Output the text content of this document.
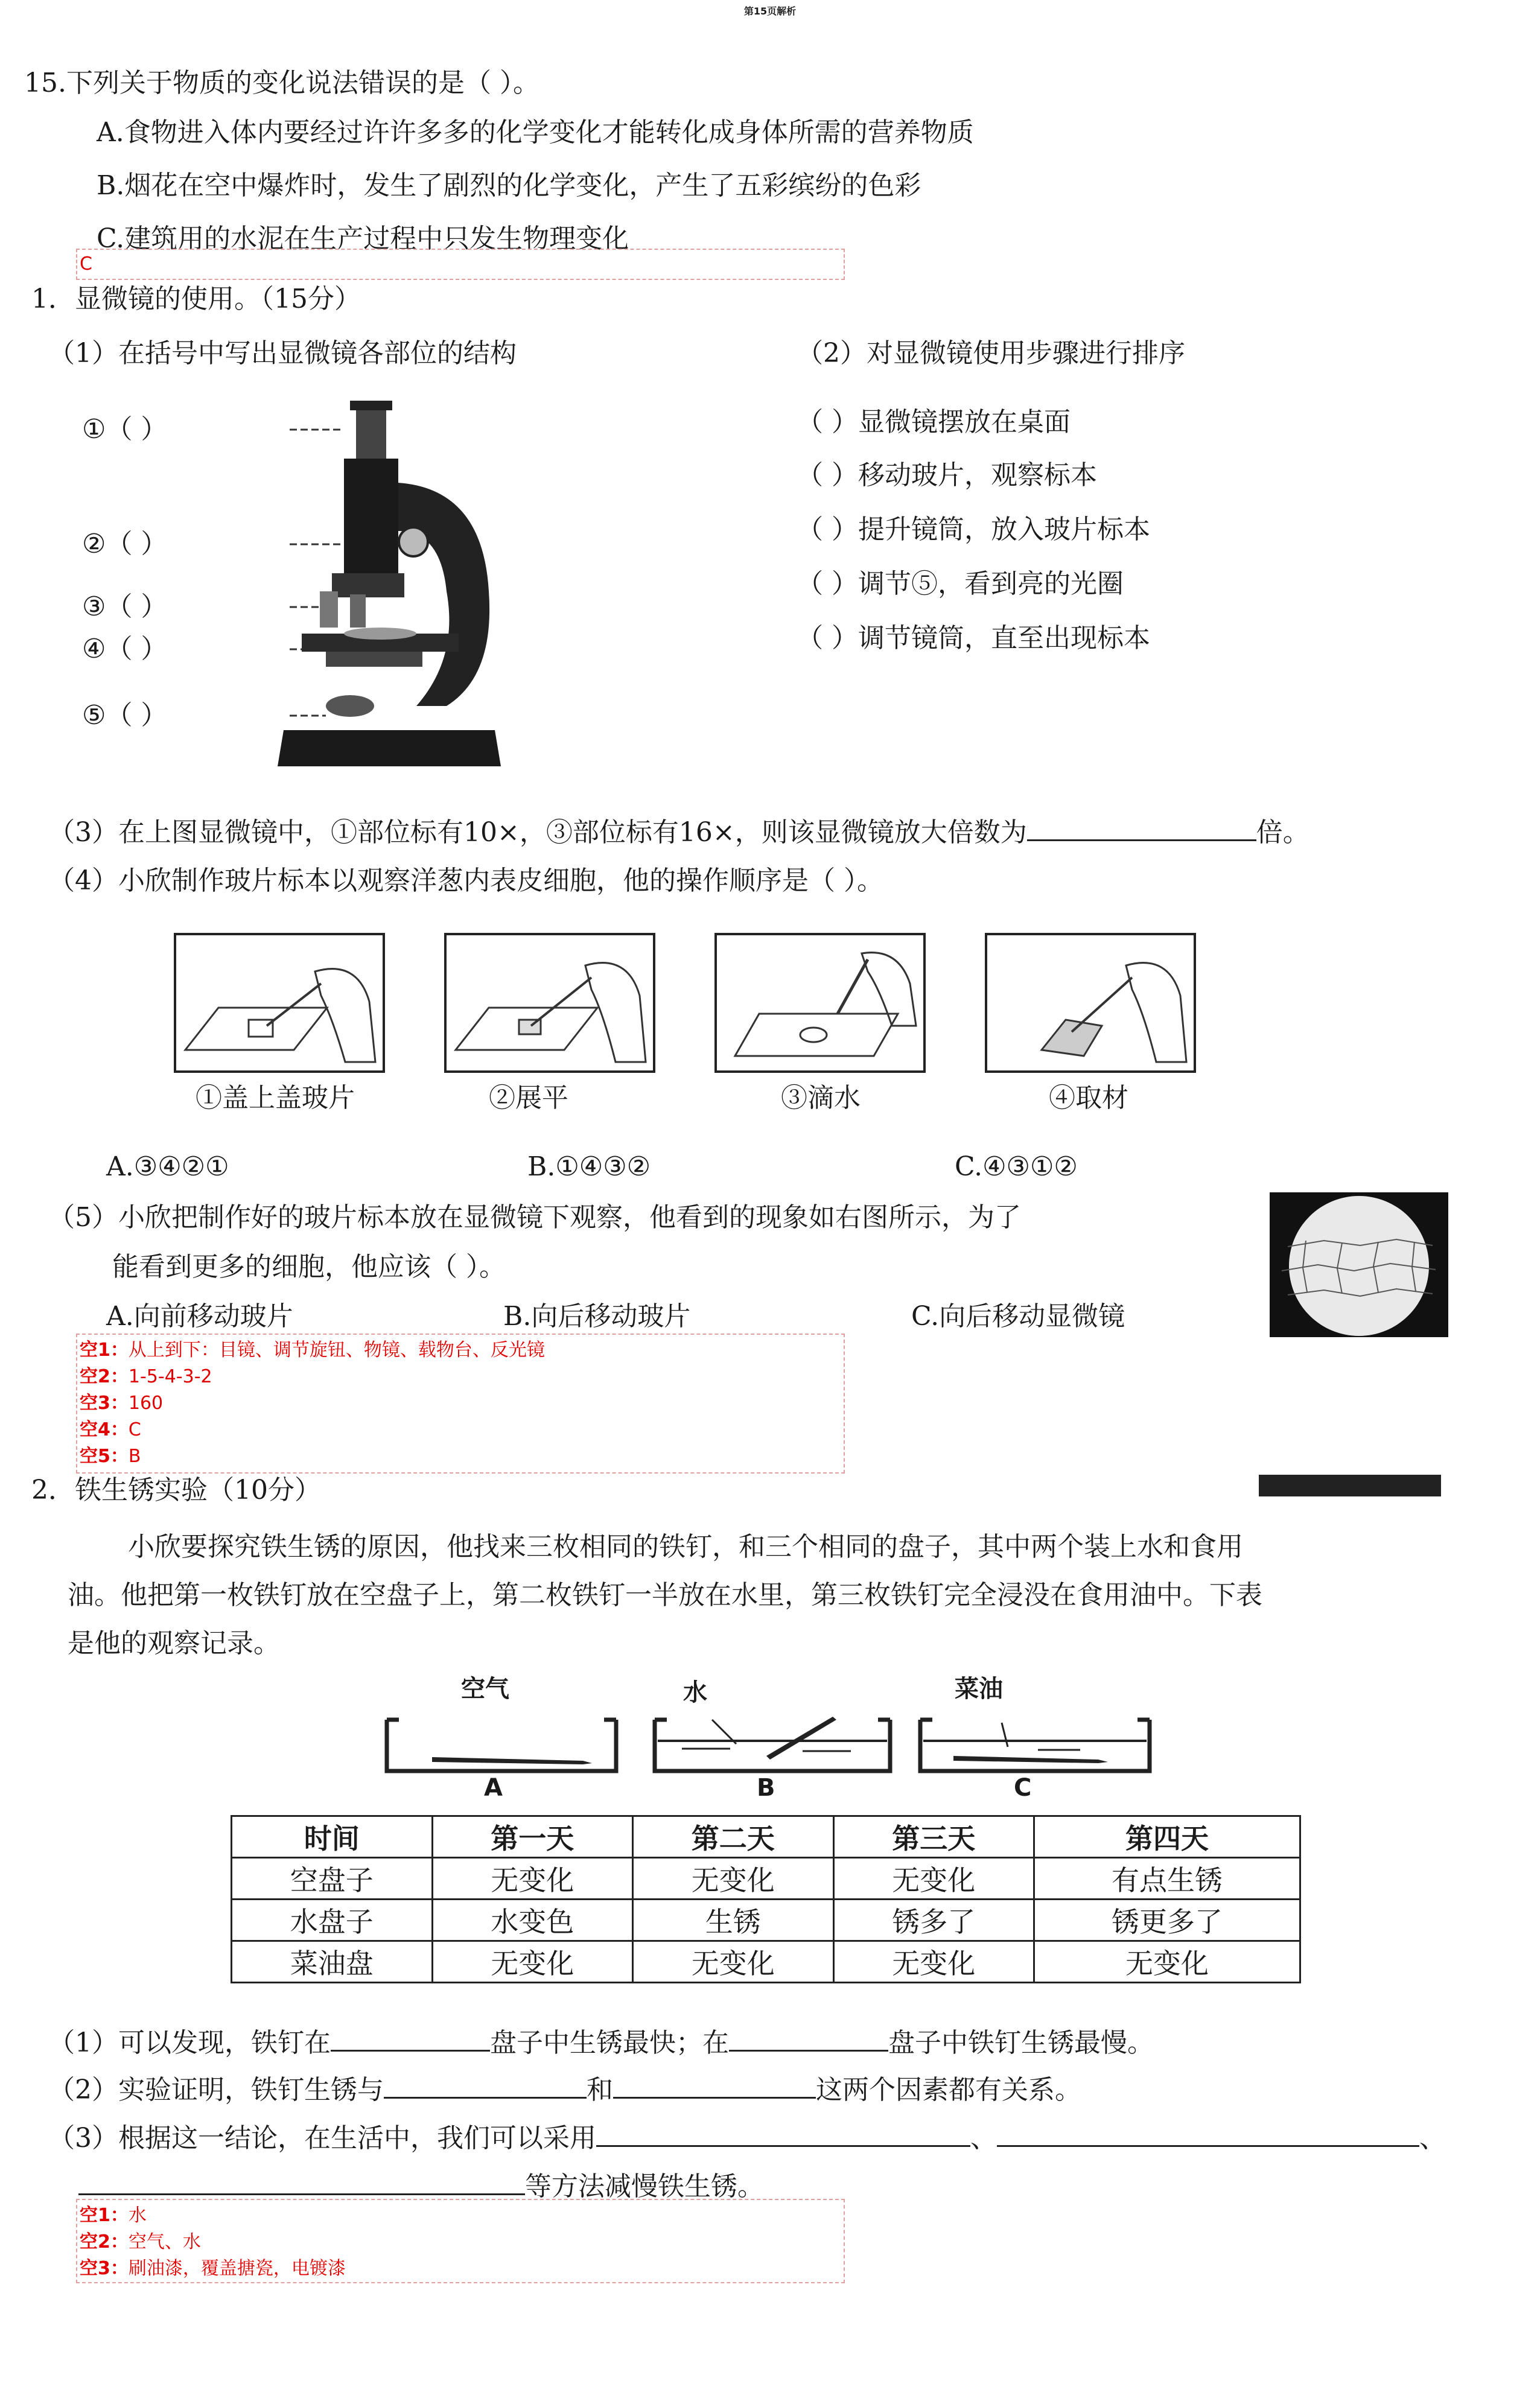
第15页解析
15.下列关于物质的变化说法错误的是（ ）。
A.食物进入体内要经过许许多多的化学变化才能转化成身体所需的营养物质
B.烟花在空中爆炸时，发生了剧烈的化学变化，产生了五彩缤纷的色彩
C.建筑用的水泥在生产过程中只发生物理变化
C
1．显微镜的使用。（15分）
（1）在括号中写出显微镜各部位的结构	（2）对显微镜使用步骤进行排序
①（ ）
②（ ）
③（ ）
④（ ）
⑤（ ）
（ ）显微镜摆放在桌面
（ ）移动玻片，观察标本
（ ）提升镜筒，放入玻片标本
（ ）调节⑤，看到亮的光圈
（ ）调节镜筒，直至出现标本
（3）在上图显微镜中，①部位标有10×，③部位标有16×，则该显微镜放大倍数为	倍。
（4）小欣制作玻片标本以观察洋葱内表皮细胞，他的操作顺序是（ ）。
①盖上盖玻片	②展平	③滴水	④取材
A.③④②①	B.①④③②	C.④③①②
（5）小欣把制作好的玻片标本放在显微镜下观察，他看到的现象如右图所示，为了
能看到更多的细胞，他应该（ ）。
A.向前移动玻片	B.向后移动玻片	C.向后移动显微镜
空1：从上到下：目镜、调节旋钮、物镜、载物台、反光镜
空2：1-5-4-3-2
空3：160
空4：C
空5：B
2．铁生锈实验（10分）
小欣要探究铁生锈的原因，他找来三枚相同的铁钉，和三个相同的盘子，其中两个装上水和食用
油。他把第一枚铁钉放在空盘子上，第二枚铁钉一半放在水里，第三枚铁钉完全浸没在食用油中。下表
是他的观察记录。
空气
A
水
B
菜油
C
时间	第一天	第二天	第三天	第四天
空盘子	无变化	无变化	无变化	有点生锈
水盘子	水变色	生锈	锈多了	锈更多了
菜油盘	无变化	无变化	无变化	无变化
（1）可以发现，铁钉在	盘子中生锈最快；在	盘子中铁钉生锈最慢。
（2）实验证明，铁钉生锈与	和	这两个因素都有关系。
（3）根据这一结论，在生活中，我们可以采用	、	、
等方法减慢铁生锈。
空1：水
空2：空气、水
空3：刷油漆，覆盖搪瓷，电镀漆
